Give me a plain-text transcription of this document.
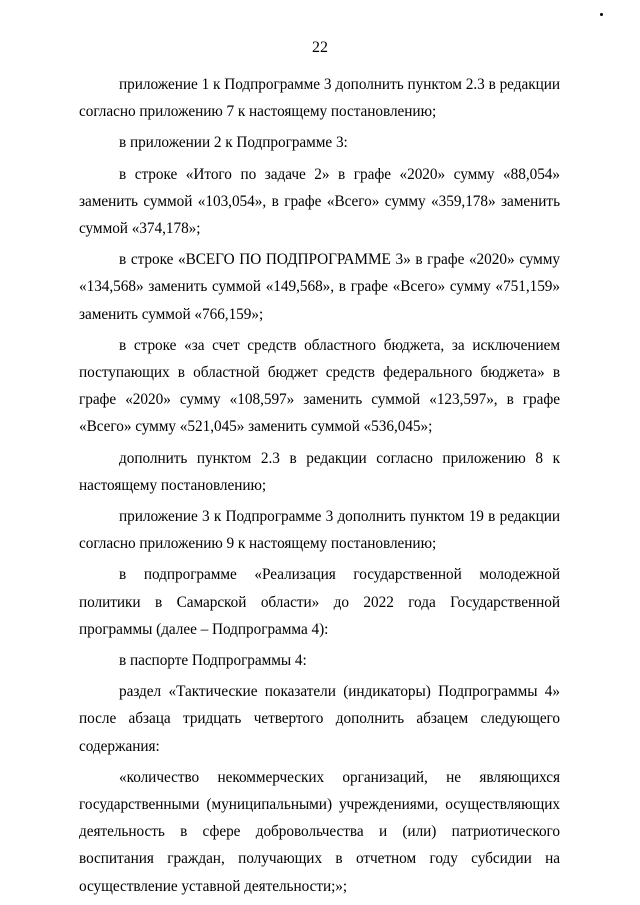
22

приложение 1 к Подпрограмме 3 дополнить пунктом 2.3 в редакции согласно приложению 7 к настоящему постановлению;

в приложении 2 к Подпрограмме 3:

в строке «Итого по задаче 2» в графе «2020» сумму «88,054» заменить суммой «103,054», в графе «Всего» сумму «359,178» заменить суммой «374,178»;

в строке «ВСЕГО ПО ПОДПРОГРАММЕ 3» в графе «2020» сумму «134,568» заменить суммой «149,568», в графе «Всего» сумму «751,159» заменить суммой «766,159»;

в строке «за счет средств областного бюджета, за исключением поступающих в областной бюджет средств федерального бюджета» в графе «2020» сумму «108,597» заменить суммой «123,597», в графе «Всего» сумму «521,045» заменить суммой «536,045»;

дополнить пунктом 2.3 в редакции согласно приложению 8 к настоящему постановлению;

приложение 3 к Подпрограмме 3 дополнить пунктом 19 в редакции согласно приложению 9 к настоящему постановлению;

в подпрограмме «Реализация государственной молодежной политики в Самарской области» до 2022 года Государственной программы (далее – Подпрограмма 4):

в паспорте Подпрограммы 4:

раздел «Тактические показатели (индикаторы) Подпрограммы 4» после абзаца тридцать четвертого дополнить абзацем следующего содержания:

«количество некоммерческих организаций, не являющихся государственными (муниципальными) учреждениями, осуществляющих деятельность в сфере добровольчества и (или) патриотического воспитания граждан, получающих в отчетном году субсидии на осуществление уставной деятельности;»;
